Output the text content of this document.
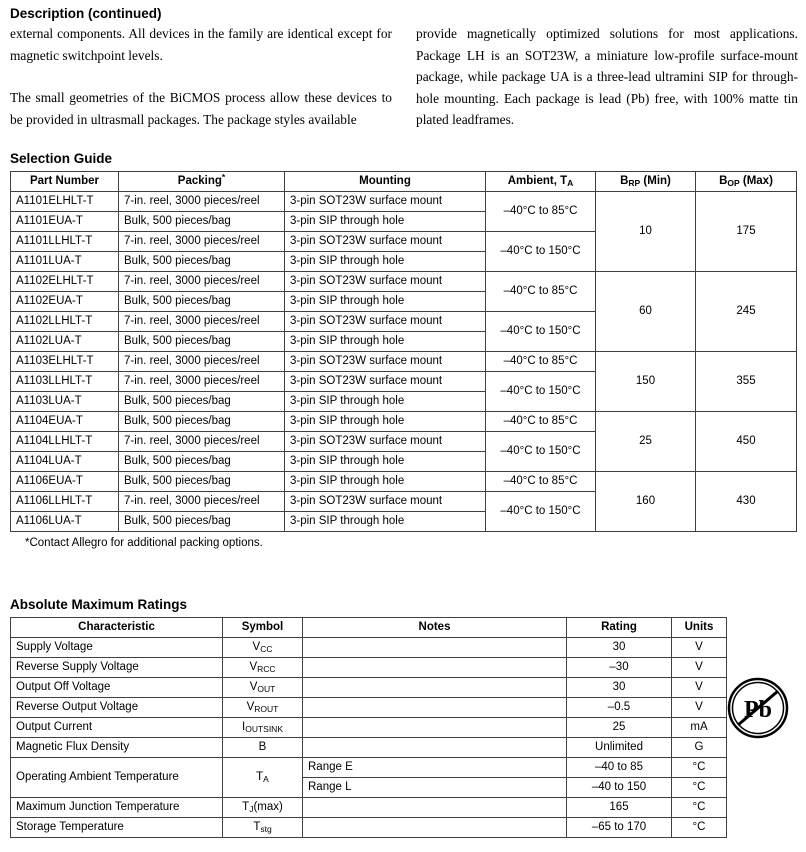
Description (continued)

external components. All devices in the family are identical except for magnetic switchpoint levels.

The small geometries of the BiCMOS process allow these devices to be provided in ultrasmall packages. The package styles available

provide magnetically optimized solutions for most applications. Package LH is an SOT23W, a miniature low-profile surface-mount package, while package UA is a three-lead ultramini SIP for through-hole mounting. Each package is lead (Pb) free, with 100% matte tin plated leadframes.

Selection Guide
Part Number	Packing*	Mounting	Ambient, $T_A$	$B_{RP}$ (Min)	$B_{OP}$ (Max)
A1101ELHLT-T	7-in. reel, 3000 pieces/reel	3-pin SOT23W surface mount	–40°C to 85°C	10	175
A1101EUA-T	Bulk, 500 pieces/bag	3-pin SIP through hole			
A1101LLHLT-T	7-in. reel, 3000 pieces/reel	3-pin SOT23W surface mount	–40°C to 150°C		
A1101LUA-T	Bulk, 500 pieces/bag	3-pin SIP through hole			
A1102ELHLT-T	7-in. reel, 3000 pieces/reel	3-pin SOT23W surface mount	–40°C to 85°C	60	245
A1102EUA-T	Bulk, 500 pieces/bag	3-pin SIP through hole			
A1102LLHLT-T	7-in. reel, 3000 pieces/reel	3-pin SOT23W surface mount	–40°C to 150°C		
A1102LUA-T	Bulk, 500 pieces/bag	3-pin SIP through hole			
A1103ELHLT-T	7-in. reel, 3000 pieces/reel	3-pin SOT23W surface mount	–40°C to 85°C	150	355
A1103LLHLT-T	7-in. reel, 3000 pieces/reel	3-pin SOT23W surface mount	–40°C to 150°C		
A1103LUA-T	Bulk, 500 pieces/bag	3-pin SIP through hole			
A1104EUA-T	Bulk, 500 pieces/bag	3-pin SIP through hole	–40°C to 85°C	25	450
A1104LLHLT-T	7-in. reel, 3000 pieces/reel	3-pin SOT23W surface mount	–40°C to 150°C		
A1104LUA-T	Bulk, 500 pieces/bag	3-pin SIP through hole			
A1106EUA-T	Bulk, 500 pieces/bag	3-pin SIP through hole	–40°C to 85°C	160	430
A1106LLHLT-T	7-in. reel, 3000 pieces/reel	3-pin SOT23W surface mount	–40°C to 150°C		
A1106LUA-T	Bulk, 500 pieces/bag	3-pin SIP through hole			
*Contact Allegro for additional packing options.
Absolute Maximum Ratings
Characteristic	Symbol	Notes	Rating	Units
Supply Voltage	$V_{CC}$		30	V
Reverse Supply Voltage	$V_{RCC}$		–30	V
Output Off Voltage	$V_{OUT}$		30	V
Reverse Output Voltage	$V_{ROUT}$		–0.5	V
Output Current	$I_{OUTSINK}$		25	mA
Magnetic Flux Density	B		Unlimited	G
Operating Ambient Temperature	$T_A$	Range E	–40 to 85	°C
		Range L	–40 to 150	°C
Maximum Junction Temperature	$T_J(\max)$		165	°C
Storage Temperature	$T_{stg}$		–65 to 170	°C
Pb
